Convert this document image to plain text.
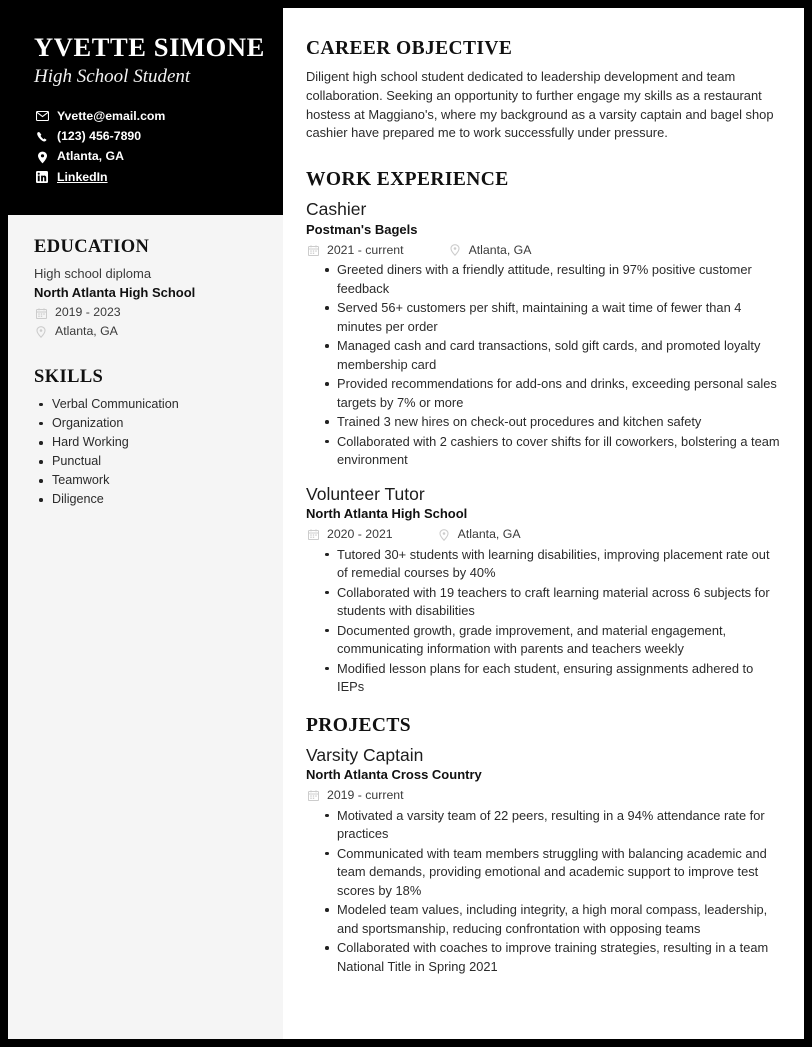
YVETTE SIMONE
High School Student
Yvette@email.com
(123) 456-7890
Atlanta, GA
LinkedIn
EDUCATION
High school diploma
North Atlanta High School
2019 - 2023
Atlanta, GA
SKILLS
Verbal Communication
Organization
Hard Working
Punctual
Teamwork
Diligence
CAREER OBJECTIVE

Diligent high school student dedicated to leadership development and team collaboration. Seeking an opportunity to further engage my skills as a restaurant hostess at Maggiano's, where my background as a varsity captain and bagel shop cashier have prepared me to work successfully under pressure.

WORK EXPERIENCE
Cashier
Postman's Bagels
2021 - current	Atlanta, GA
Greeted diners with a friendly attitude, resulting in 97% positive customer feedback
Served 56+ customers per shift, maintaining a wait time of fewer than 4 minutes per order
Managed cash and card transactions, sold gift cards, and promoted loyalty membership card
Provided recommendations for add-ons and drinks, exceeding personal sales targets by 7% or more
Trained 3 new hires on check-out procedures and kitchen safety
Collaborated with 2 cashiers to cover shifts for ill coworkers, bolstering a team environment
Volunteer Tutor
North Atlanta High School
2020 - 2021	Atlanta, GA
Tutored 30+ students with learning disabilities, improving placement rate out of remedial courses by 40%
Collaborated with 19 teachers to craft learning material across 6 subjects for students with disabilities
Documented growth, grade improvement, and material engagement, communicating information with parents and teachers weekly
Modified lesson plans for each student, ensuring assignments adhered to IEPs
PROJECTS
Varsity Captain
North Atlanta Cross Country
2019 - current
Motivated a varsity team of 22 peers, resulting in a 94% attendance rate for practices
Communicated with team members struggling with balancing academic and team demands, providing emotional and academic support to improve test scores by 18%
Modeled team values, including integrity, a high moral compass, leadership, and sportsmanship, reducing confrontation with opposing teams
Collaborated with coaches to improve training strategies, resulting in a team National Title in Spring 2021
